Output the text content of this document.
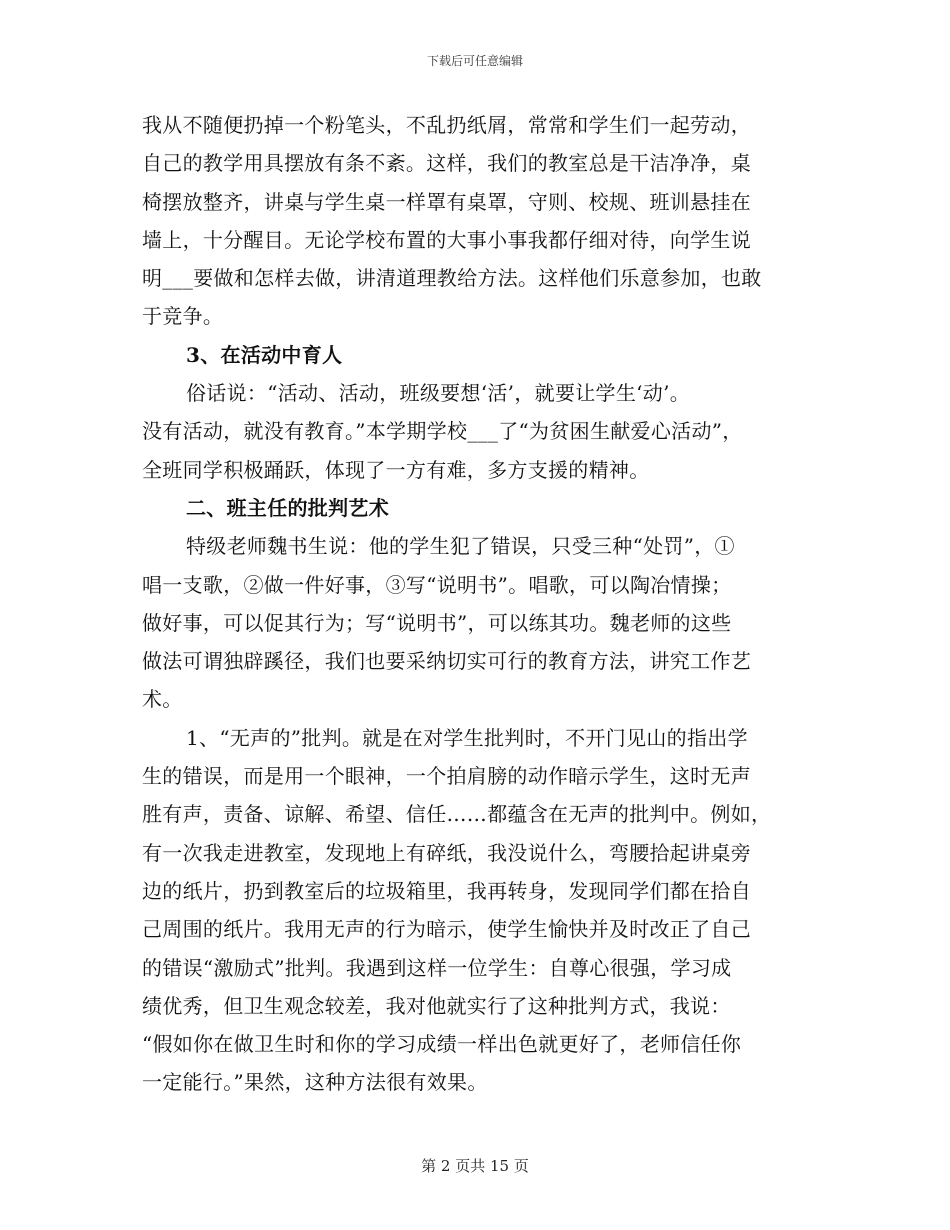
下载后可任意编辑
我从不随便扔掉一个粉笔头，不乱扔纸屑，常常和学生们一起劳动，
自己的教学用具摆放有条不紊。这样，我们的教室总是干洁净净，桌
椅摆放整齐，讲桌与学生桌一样罩有桌罩，守则、校规、班训悬挂在
墙上，十分醒目。无论学校布置的大事小事我都仔细对待，向学生说
明___要做和怎样去做，讲清道理教给方法。这样他们乐意参加，也敢
于竞争。
3、在活动中育人
俗话说：“活动、活动，班级要想‘活’，就要让学生‘动’。
没有活动，就没有教育。”本学期学校___了“为贫困生献爱心活动”，
全班同学积极踊跃，体现了一方有难，多方支援的精神。
二、班主任的批判艺术
特级老师魏书生说：他的学生犯了错误，只受三种“处罚”，①
唱一支歌，②做一件好事，③写“说明书”。唱歌，可以陶冶情操；
做好事，可以促其行为；写“说明书”，可以练其功。魏老师的这些
做法可谓独辟蹊径，我们也要采纳切实可行的教育方法，讲究工作艺
术。
1、“无声的”批判。就是在对学生批判时，不开门见山的指出学
生的错误，而是用一个眼神，一个拍肩膀的动作暗示学生，这时无声
胜有声，责备、谅解、希望、信任……都蕴含在无声的批判中。例如，
有一次我走进教室，发现地上有碎纸，我没说什么，弯腰拾起讲桌旁
边的纸片，扔到教室后的垃圾箱里，我再转身，发现同学们都在拾自
己周围的纸片。我用无声的行为暗示，使学生愉快并及时改正了自己
的错误“激励式”批判。我遇到这样一位学生：自尊心很强，学习成
绩优秀，但卫生观念较差，我对他就实行了这种批判方式，我说：
“假如你在做卫生时和你的学习成绩一样出色就更好了，老师信任你
一定能行。”果然，这种方法很有效果。
第 2 页共 15 页
